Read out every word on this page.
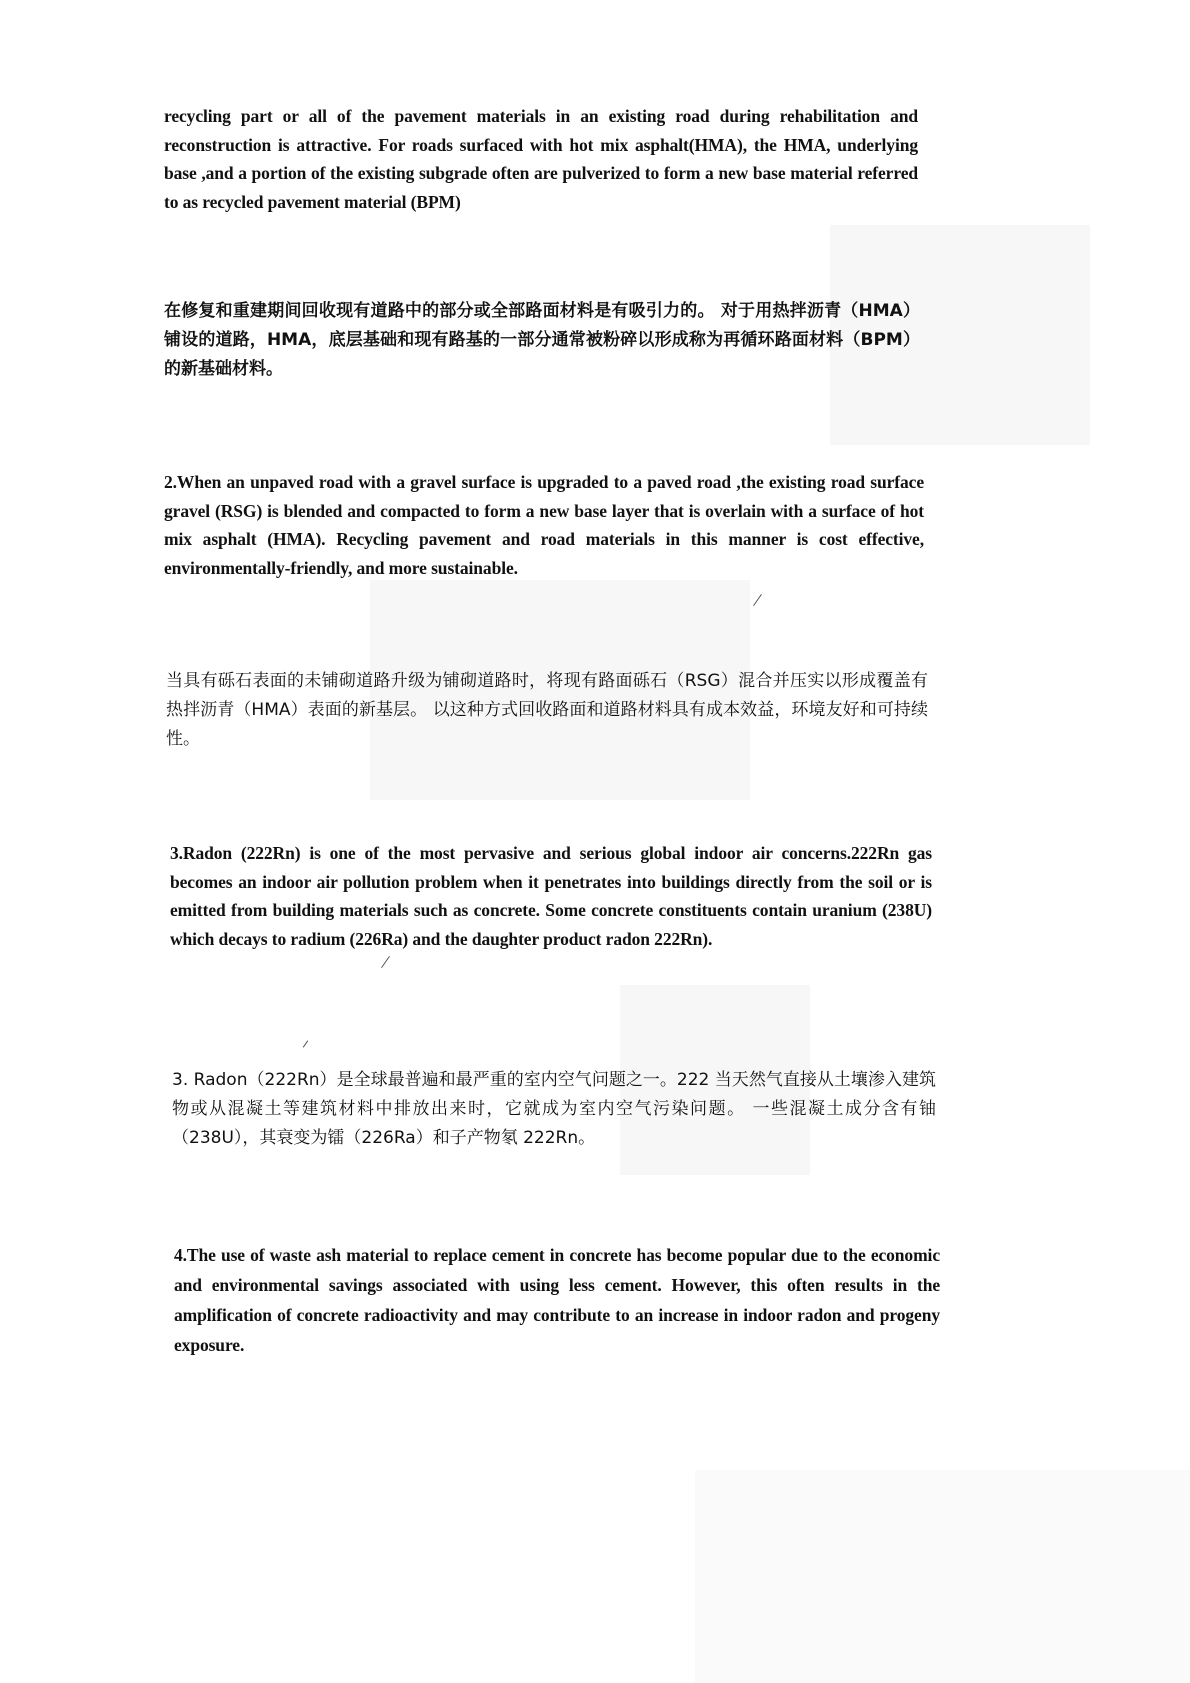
recycling part or all of the pavement materials in an existing road during rehabilitation and reconstruction is attractive. For roads surfaced with hot mix asphalt(HMA), the HMA, underlying base ,and a portion of the existing subgrade often are pulverized to form a new base material referred to as recycled pavement material (BPM)
在修复和重建期间回收现有道路中的部分或全部路面材料是有吸引力的。 对于用热拌沥青（HMA）铺设的道路，HMA，底层基础和现有路基的一部分通常被粉碎以形成称为再循环路面材料（BPM）的新基础材料。
2.When an unpaved road with a gravel surface is upgraded to a paved road ,the existing road surface gravel (RSG) is blended and compacted to form a new base layer that is overlain with a surface of hot mix asphalt (HMA). Recycling pavement and road materials in this manner is cost effective, environmentally-friendly, and more sustainable.
当具有砾石表面的未铺砌道路升级为铺砌道路时，将现有路面砾石（RSG）混合并压实以形成覆盖有热拌沥青（HMA）表面的新基层。 以这种方式回收路面和道路材料具有成本效益，环境友好和可持续性。
3.Radon (222Rn) is one of the most pervasive and serious global indoor air concerns.222Rn gas becomes an indoor air pollution problem when it penetrates into buildings directly from the soil or is emitted from building materials such as concrete. Some concrete constituents contain uranium (238U) which decays to radium (226Ra) and the daughter product radon 222Rn).
3. Radon（222Rn）是全球最普遍和最严重的室内空气问题之一。222 当天然气直接从土壤渗入建筑物或从混凝土等建筑材料中排放出来时，它就成为室内空气污染问题。 一些混凝土成分含有铀（238U），其衰变为镭（226Ra）和子产物氡 222Rn。
4.The use of waste ash material to replace cement in concrete has become popular due to the economic and environmental savings associated with using less cement. However, this often results in the amplification of concrete radioactivity and may contribute to an increase in indoor radon and progeny exposure.
